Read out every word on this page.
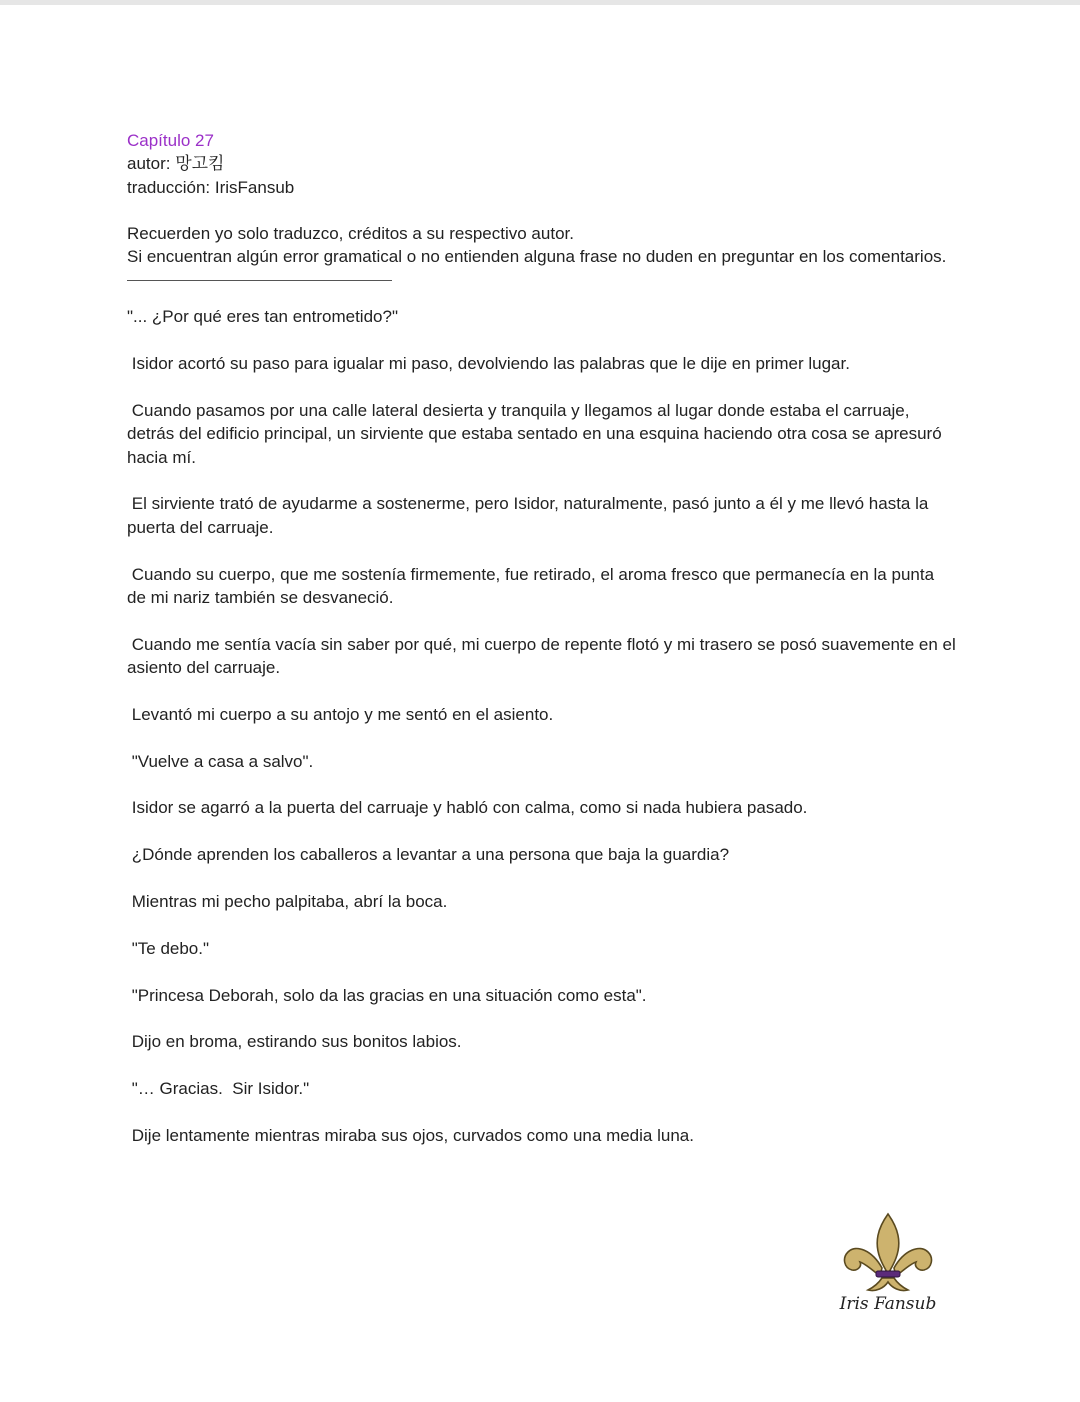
Capítulo 27

autor: 망고킴

traducción: IrisFansub

Recuerden yo solo traduzco, créditos a su respectivo autor.

Si encuentran algún error gramatical o no entienden alguna frase no duden en preguntar en los comentarios.

"... ¿Por qué eres tan entrometido?"

Isidor acortó su paso para igualar mi paso, devolviendo las palabras que le dije en primer lugar.

Cuando pasamos por una calle lateral desierta y tranquila y llegamos al lugar donde estaba el carruaje, detrás del edificio principal, un sirviente que estaba sentado en una esquina haciendo otra cosa se apresuró hacia mí.

El sirviente trató de ayudarme a sostenerme, pero Isidor, naturalmente, pasó junto a él y me llevó hasta la puerta del carruaje.

Cuando su cuerpo, que me sostenía firmemente, fue retirado, el aroma fresco que permanecía en la punta de mi nariz también se desvaneció.

Cuando me sentía vacía sin saber por qué, mi cuerpo de repente flotó y mi trasero se posó suavemente en el asiento del carruaje.

Levantó mi cuerpo a su antojo y me sentó en el asiento.

"Vuelve a casa a salvo".

Isidor se agarró a la puerta del carruaje y habló con calma, como si nada hubiera pasado.

¿Dónde aprenden los caballeros a levantar a una persona que baja la guardia?

Mientras mi pecho palpitaba, abrí la boca.

"Te debo."

"Princesa Deborah, solo da las gracias en una situación como esta".

Dijo en broma, estirando sus bonitos labios.

"… Gracias.  Sir Isidor."

Dije lentamente mientras miraba sus ojos, curvados como una media luna.

Iris Fansub
